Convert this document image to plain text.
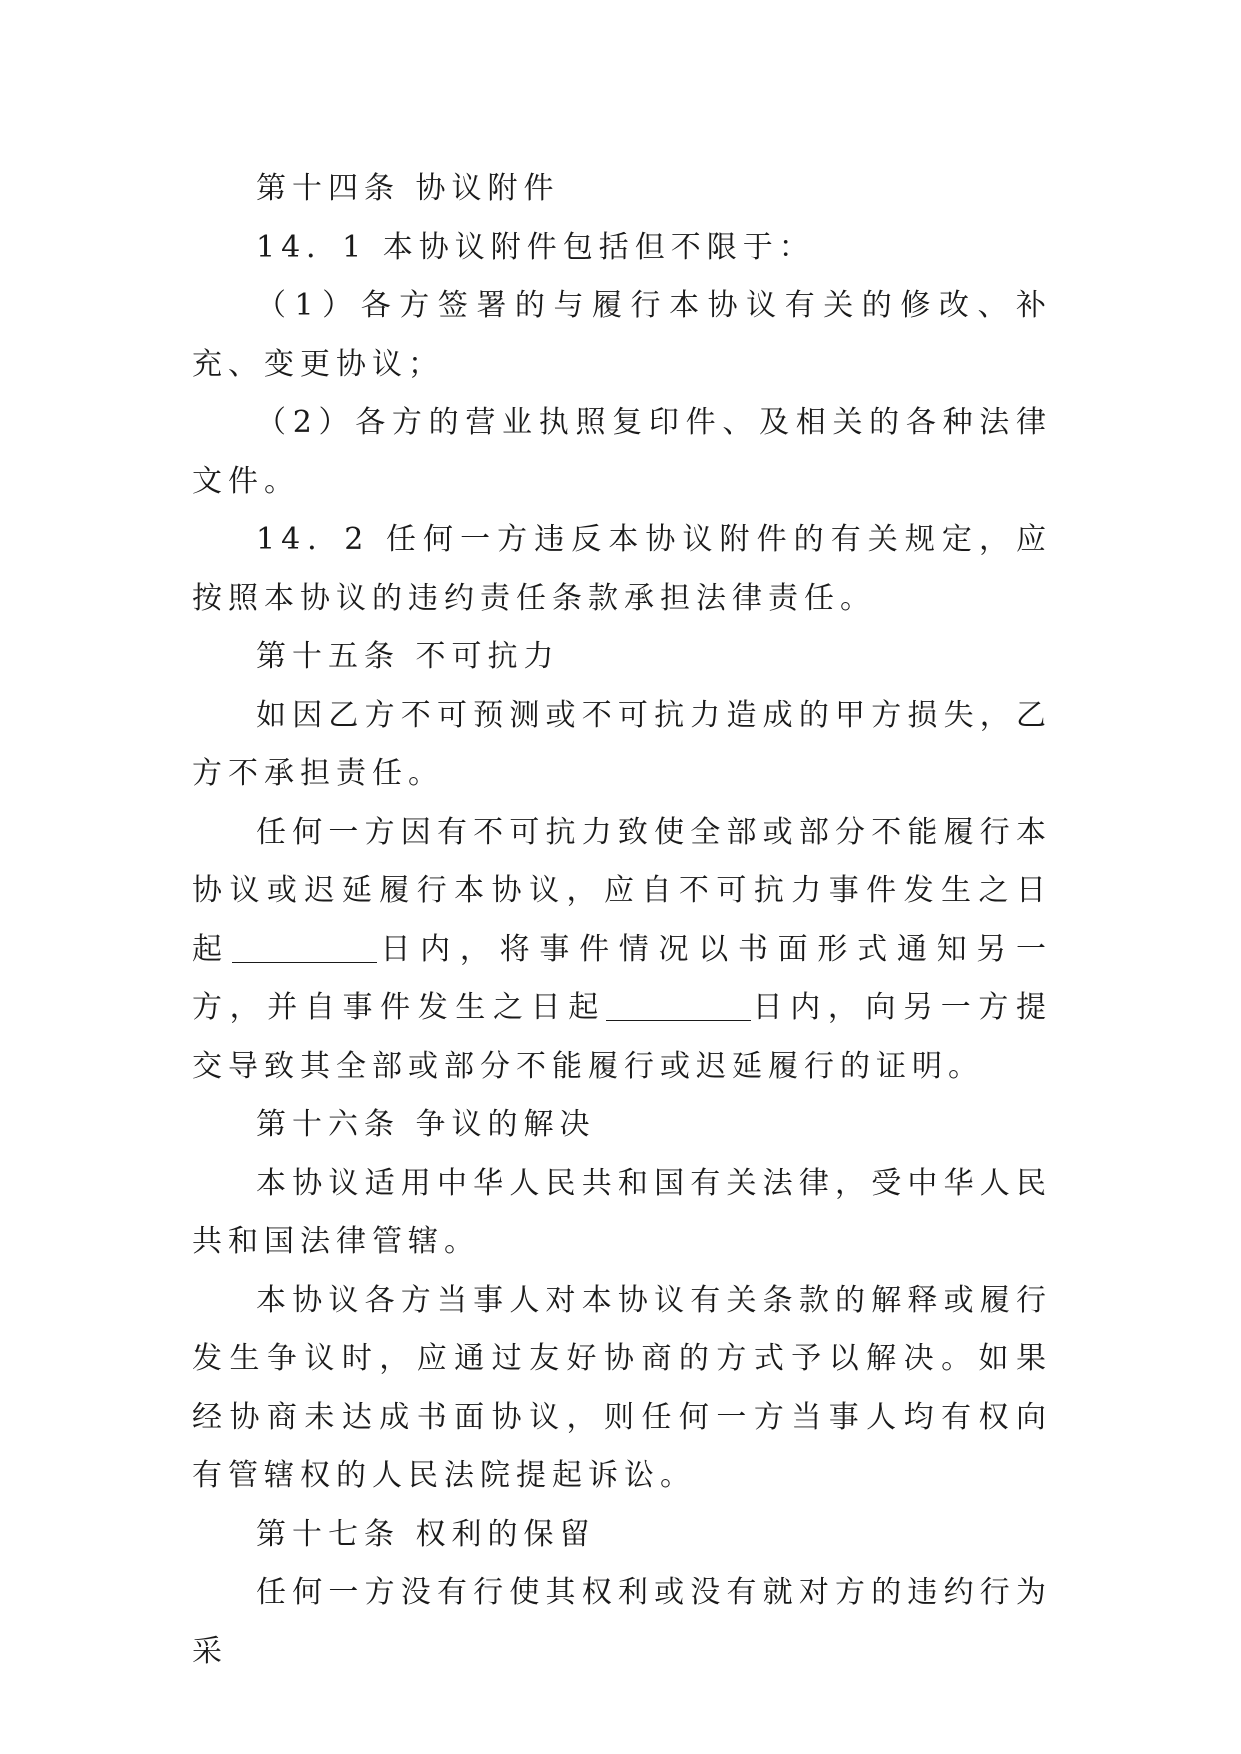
第十四条 协议附件

14．1 本协议附件包括但不限于：

（1）各方签署的与履行本协议有关的修改、补充、变更协议；

（2）各方的营业执照复印件、及相关的各种法律文件。

14．2 任何一方违反本协议附件的有关规定，应按照本协议的违约责任条款承担法律责任。

第十五条 不可抗力

如因乙方不可预测或不可抗力造成的甲方损失，乙方不承担责任。

任何一方因有不可抗力致使全部或部分不能履行本协议或迟延履行本协议，应自不可抗力事件发生之日起	日内，将事件情况以书面形式通知另一方，并自事件发生之日起	日内，向另一方提交导致其全部或部分不能履行或迟延履行的证明。

第十六条 争议的解决

本协议适用中华人民共和国有关法律，受中华人民共和国法律管辖。

本协议各方当事人对本协议有关条款的解释或履行发生争议时，应通过友好协商的方式予以解决。如果经协商未达成书面协议，则任何一方当事人均有权向有管辖权的人民法院提起诉讼。

第十七条 权利的保留

任何一方没有行使其权利或没有就对方的违约行为采
